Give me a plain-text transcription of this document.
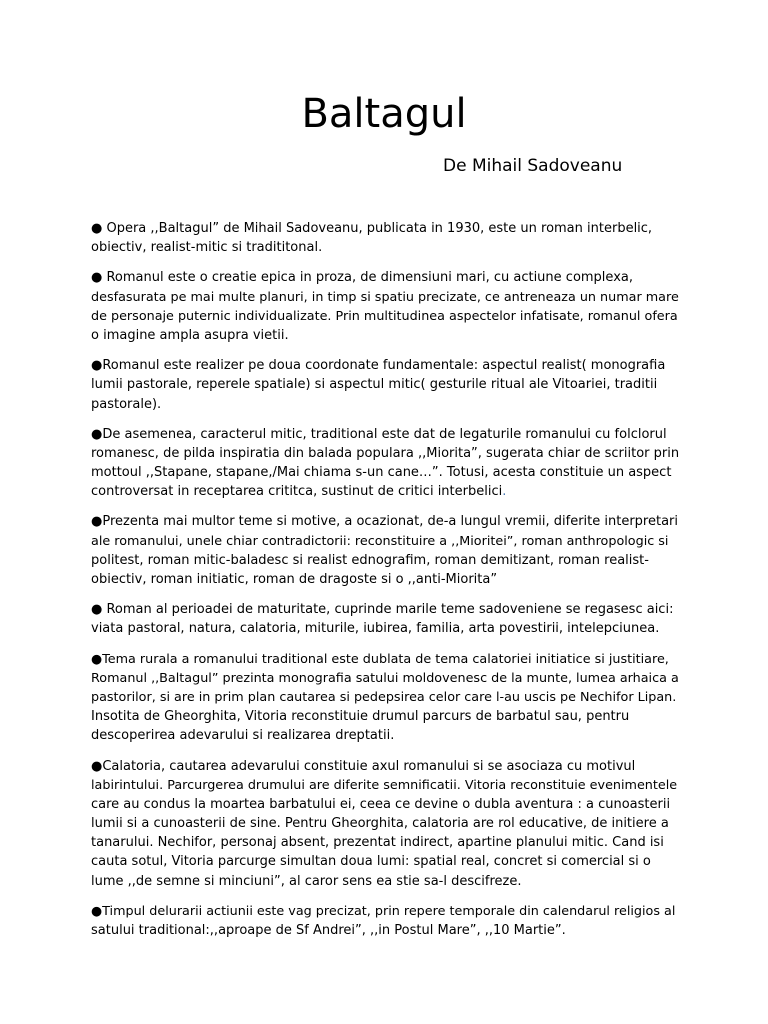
Baltagul
De Mihail Sadoveanu

● Opera ,,Baltagul” de Mihail Sadoveanu, publicata in 1930, este un roman interbelic,
obiectiv, realist-mitic si tradititonal.

● Romanul este o creatie epica in proza, de dimensiuni mari, cu actiune complexa,
desfasurata pe mai multe planuri, in timp si spatiu precizate, ce antreneaza un numar mare
de personaje puternic individualizate. Prin multitudinea aspectelor infatisate, romanul ofera
o imagine ampla asupra vietii.

●Romanul este realizer pe doua coordonate fundamentale: aspectul realist( monografia
lumii pastorale, reperele spatiale) si aspectul mitic( gesturile ritual ale Vitoariei, traditii
pastorale).

●De asemenea, caracterul mitic, traditional este dat de legaturile romanului cu folclorul
romanesc, de pilda inspiratia din balada populara ,,Miorita”, sugerata chiar de scriitor prin
mottoul ,,Stapane, stapane,/Mai chiama s-un cane…”. Totusi, acesta constituie un aspect
controversat in receptarea crititca, sustinut de critici interbelici.

●Prezenta mai multor teme si motive, a ocazionat, de-a lungul vremii, diferite interpretari
ale romanului, unele chiar contradictorii: reconstituire a ,,Mioritei”, roman anthropologic si
politest, roman mitic-baladesc si realist ednografim, roman demitizant, roman realist-
obiectiv, roman initiatic, roman de dragoste si o ,,anti-Miorita”

● Roman al perioadei de maturitate, cuprinde marile teme sadoveniene se regasesc aici:
viata pastoral, natura, calatoria, miturile, iubirea, familia, arta povestirii, intelepciunea.

●Tema rurala a romanului traditional este dublata de tema calatoriei initiatice si justitiare,
Romanul ,,Baltagul” prezinta monografia satului moldovenesc de la munte, lumea arhaica a
pastorilor, si are in prim plan cautarea si pedepsirea celor care l-au uscis pe Nechifor Lipan.
Insotita de Gheorghita, Vitoria reconstituie drumul parcurs de barbatul sau, pentru
descoperirea adevarului si realizarea dreptatii.

●Calatoria, cautarea adevarului constituie axul romanului si se asociaza cu motivul
labirintului. Parcurgerea drumului are diferite semnificatii. Vitoria reconstituie evenimentele
care au condus la moartea barbatului ei, ceea ce devine o dubla aventura : a cunoasterii
lumii si a cunoasterii de sine. Pentru Gheorghita, calatoria are rol educative, de initiere a
tanarului. Nechifor, personaj absent, prezentat indirect, apartine planului mitic. Cand isi
cauta sotul, Vitoria parcurge simultan doua lumi: spatial real, concret si comercial si o
lume ,,de semne si minciuni”, al caror sens ea stie sa-l descifreze.

●Timpul delurarii actiunii este vag precizat, prin repere temporale din calendarul religios al
satului traditional:,,aproape de Sf Andrei”, ,,in Postul Mare”, ,,10 Martie”.
